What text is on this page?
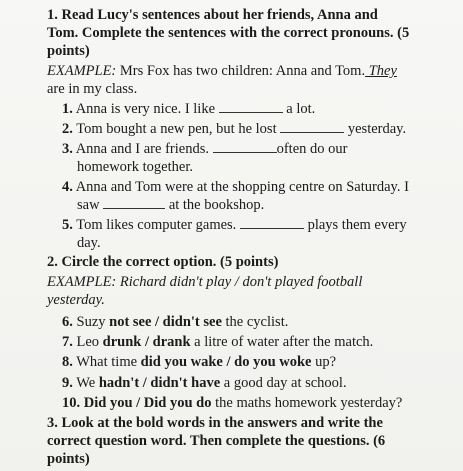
1. Read Lucy's sentences about her friends, Anna and
Tom. Complete the sentences with the correct pronouns. (5
points)
EXAMPLE: Mrs Fox has two children: Anna and Tom. They
are in my class.
1. Anna is very nice. I like	a lot.
2. Tom bought a new pen, but he lost	yesterday.
3. Anna and I are friends.	often do our
homework together.
4. Anna and Tom were at the shopping centre on Saturday. I
saw	at the bookshop.
5. Tom likes computer games.	plays them every
day.
2. Circle the correct option. (5 points)
EXAMPLE: Richard didn't play / don't played football
yesterday.
6. Suzy not see / didn't see the cyclist.
7. Leo drunk / drank a litre of water after the match.
8. What time did you wake / do you woke up?
9. We hadn't / didn't have a good day at school.
10. Did you / Did you do the maths homework yesterday?
3. Look at the bold words in the answers and write the
correct question word. Then complete the questions. (6
points)
